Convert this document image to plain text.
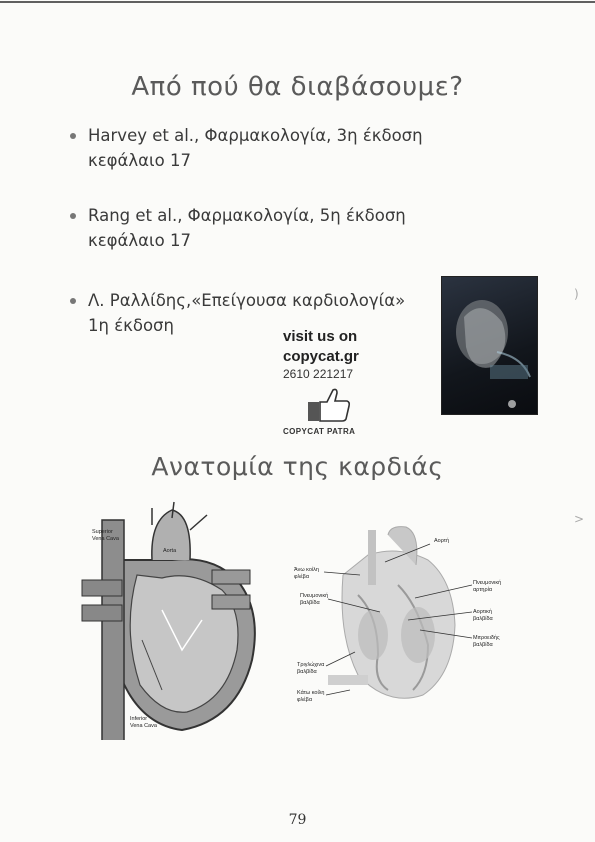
Από πού θα διαβάσουμε?
Harvey et al., Φαρμακολογία, 3η έκδοση
κεφάλαιο 17
Rang et al., Φαρμακολογία, 5η έκδοση
κεφάλαιο 17
Λ. Ραλλίδης,«Επείγουσα καρδιολογία»
1η έκδοση
visit us on
copycat.gr
2610 221217
COPYCAT PATRA
Ανατομία της καρδιάς
Superior
Vena Cava
Aorta
Inferior
Vena Cava
Αορτή
Άνω κοίλη
φλέβα
Πνευμονική
βαλβίδα
Πνευμονική
αρτηρία
Αορτική
βαλβίδα
Μιτροειδής
βαλβίδα
Τριγλώχινα
βαλβίδα
Κάτω κοίλη
φλέβα
)
>
79
